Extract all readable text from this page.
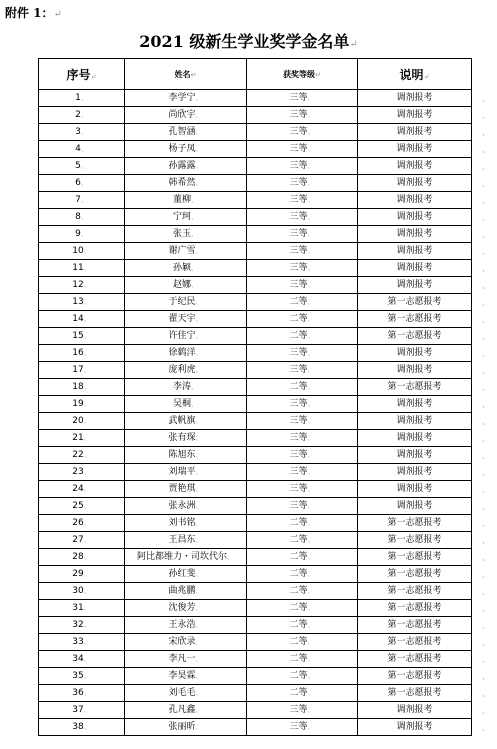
附件 1：↵
2021 级新生学业奖学金名单↵
序号↵	姓名↵	获奖等级↵	说明↵
1、	李学宁、	三等、	调剂报考
2、	尚欣宇、	三等、	调剂报考
3、	孔智涵、	三等、	调剂报考
4、	杨子凤、	三等、	调剂报考
5、	孙露露、	三等、	调剂报考
6、	韩希然、	三等、	调剂报考
7、	董柳、	三等、	调剂报考
8、	宁珂、	三等、	调剂报考
9、	张玉、	三等、	调剂报考
10、	谢广雪、	三等、	调剂报考
11、	孙颖、	三等、	调剂报考
12、	赵娜、	三等、	调剂报考
13、	于纪民、	二等、	第一志愿报考
14、	翟天宇、	二等、	第一志愿报考
15、	许佳宁、	二等、	第一志愿报考
16、	徐鹤洋、	三等、	调剂报考
17、	庞利虎、	三等、	调剂报考
18、	李涛、	二等、	第一志愿报考
19、	吴桐、	三等、	调剂报考
20、	武帆旗、	三等、	调剂报考
21、	张有琛、	三等、	调剂报考
22、	陈旭东、	三等、	调剂报考
23、	刘瑞平、	三等、	调剂报考
24、	贾艳琪、	三等、	调剂报考
25、	张永洲、	三等、	调剂报考
26、	刘书铭、	二等、	第一志愿报考
27、	王昌东、	二等、	第一志愿报考
28、	阿比都维力・司坎代尔、	二等、	第一志愿报考
29、	孙红斐、	二等、	第一志愿报考
30、	曲兆鹏、	二等、	第一志愿报考
31、	沈俊芳、	二等、	第一志愿报考
32、	王永浩、	二等、	第一志愿报考
33、	宋欣录、	二等、	第一志愿报考
34、	李凡一、	二等、	第一志愿报考
35、	李昊霖、	二等、	第一志愿报考
36、	刘毛毛、	二等、	第一志愿报考
37、	孔凡鑫、	三等、	调剂报考
38、	张丽昕、	三等、	调剂报考
、
、
、
、
、
、
、
、
、
、
、
、
、
、
、
、
、
、
、
、
、
、
、
、
、
、
、
、
、
、
、
、
、
、
、
、
、
、
